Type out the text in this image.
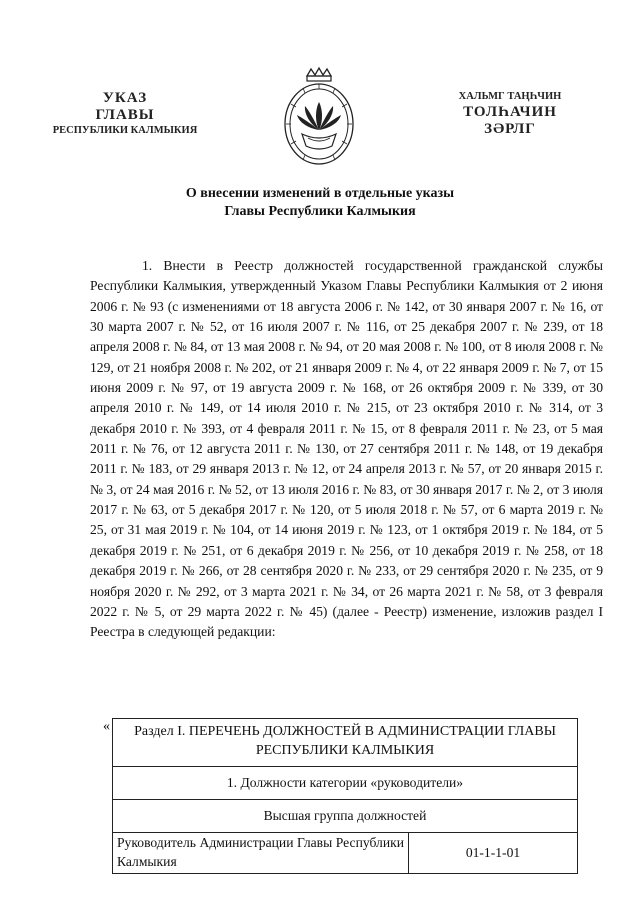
УКАЗ
ГЛАВЫ
РЕСПУБЛИКИ КАЛМЫКИЯ
ХАЛЬМГ ТАҢҺЧИН
ТОЛҺАЧИН
ЗӘРЛГ
О внесении изменений в отдельные указы
Главы Республики Калмыкия

1. Внести в Реестр должностей государственной гражданской службы Республики Калмыкия, утвержденный Указом Главы Республики Калмыкия от 2 июня 2006 г. № 93 (с изменениями от 18 августа 2006 г. № 142, от 30 января 2007 г. № 16, от 30 марта 2007 г. № 52, от 16 июля 2007 г. № 116, от 25 декабря 2007 г. № 239, от 18 апреля 2008 г. № 84, от 13 мая 2008 г. № 94, от 20 мая 2008 г. № 100, от 8 июля 2008 г. № 129, от 21 ноября 2008 г. № 202, от 21 января 2009 г. № 4, от 22 января 2009 г. № 7, от 15 июня 2009 г. № 97, от 19 августа 2009 г. № 168, от 26 октября 2009 г. № 339, от 30 апреля 2010 г. № 149, от 14 июля 2010 г. № 215, от 23 октября 2010 г. № 314, от 3 декабря 2010 г. № 393, от 4 февраля 2011 г. № 15, от 8 февраля 2011 г. № 23, от 5 мая 2011 г. № 76, от 12 августа 2011 г. № 130, от 27 сентября 2011 г. № 148, от 19 декабря 2011 г. № 183, от 29 января 2013 г. № 12, от 24 апреля 2013 г. № 57, от 20 января 2015 г. № 3, от 24 мая 2016 г. № 52, от 13 июля 2016 г. № 83, от 30 января 2017 г. № 2, от 3 июля 2017 г. № 63, от 5 декабря 2017 г. № 120, от 5 июля 2018 г. № 57, от 6 марта 2019 г. № 25, от 31 мая 2019 г. № 104, от 14 июня 2019 г. № 123, от 1 октября 2019 г. № 184, от 5 декабря 2019 г. № 251, от 6 декабря 2019 г. № 256, от 10 декабря 2019 г. № 258, от 18 декабря 2019 г. № 266, от 28 сентября 2020 г. № 233, от 29 сентября 2020 г. № 235, от 9 ноября 2020 г. № 292, от 3 марта 2021 г. № 34, от 26 марта 2021 г. № 58, от 3 февраля 2022 г. № 5, от 29 марта 2022 г. № 45) (далее - Реестр) изменение, изложив раздел I Реестра в следующей редакции:

« Раздел I. ПЕРЕЧЕНЬ ДОЛЖНОСТЕЙ В АДМИНИСТРАЦИИ ГЛАВЫ РЕСПУБЛИКИ КАЛМЫКИЯ
1. Должности категории «руководители»
Высшая группа должностей
Руководитель Администрации Главы Республики Калмыкия	01-1-1-01
